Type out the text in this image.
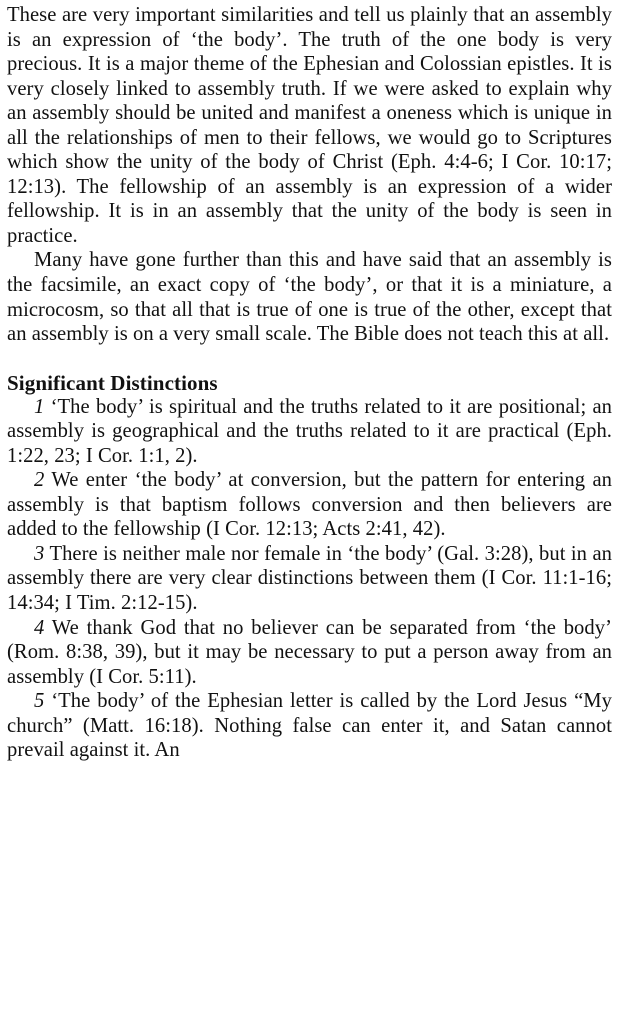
These are very important similarities and tell us plainly that an assembly is an expression of ‘the body’. The truth of the one body is very precious. It is a major theme of the Ephesian and Colossian epistles. It is very closely linked to assembly truth. If we were asked to explain why an assembly should be united and manifest a oneness which is unique in all the relationships of men to their fellows, we would go to Scriptures which show the unity of the body of Christ (Eph. 4:4-6; I Cor. 10:17; 12:13). The fellowship of an assembly is an expression of a wider fellowship. It is in an assembly that the unity of the body is seen in practice.

Many have gone further than this and have said that an assembly is the facsimile, an exact copy of ‘the body’, or that it is a miniature, a microcosm, so that all that is true of one is true of the other, except that an assembly is on a very small scale. The Bible does not teach this at all.

Significant Distinctions

1 ‘The body’ is spiritual and the truths related to it are positional; an assembly is geographical and the truths related to it are practical (Eph. 1:22, 23; I Cor. 1:1, 2).

2 We enter ‘the body’ at conversion, but the pattern for entering an assembly is that baptism follows conversion and then believers are added to the fellowship (I Cor. 12:13; Acts 2:41, 42).

3 There is neither male nor female in ‘the body’ (Gal. 3:28), but in an assembly there are very clear distinctions between them (I Cor. 11:1-16; 14:34; I Tim. 2:12-15).

4 We thank God that no believer can be separated from ‘the body’ (Rom. 8:38, 39), but it may be necessary to put a person away from an assembly (I Cor. 5:11).

5 ‘The body’ of the Ephesian letter is called by the Lord Jesus “My church” (Matt. 16:18). Nothing false can enter it, and Satan cannot prevail against it. An
